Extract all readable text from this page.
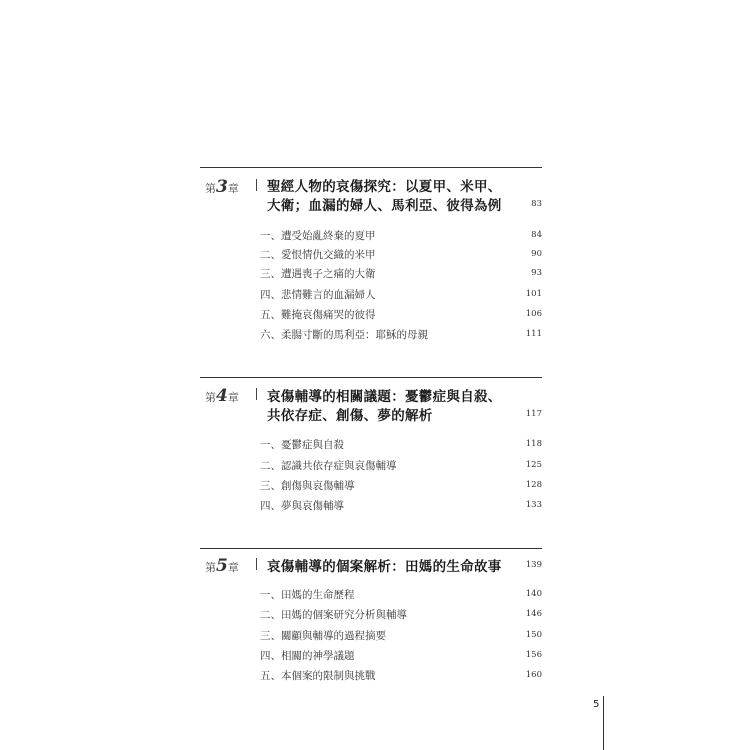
第3章 聖經人物的哀傷探究：以夏甲、米甲、
大衛；血漏的婦人、馬利亞、彼得為例	83
一、遭受始亂終棄的夏甲	84
二、愛恨情仇交織的米甲	90
三、遭遇喪子之痛的大衛	93
四、悲情難言的血漏婦人	101
五、難掩哀傷痛哭的彼得	106
六、柔腸寸斷的馬利亞：耶穌的母親	111
第4章 哀傷輔導的相關議題：憂鬱症與自殺、
共依存症、創傷、夢的解析	117
一、憂鬱症與自殺	118
二、認識共依存症與哀傷輔導	125
三、創傷與哀傷輔導	128
四、夢與哀傷輔導	133
第5章 哀傷輔導的個案解析：田媽的生命故事	139
一、田媽的生命歷程	140
二、田媽的個案研究分析與輔導	146
三、關顧與輔導的過程摘要	150
四、相關的神學議題	156
五、本個案的限制與挑戰	160
5
